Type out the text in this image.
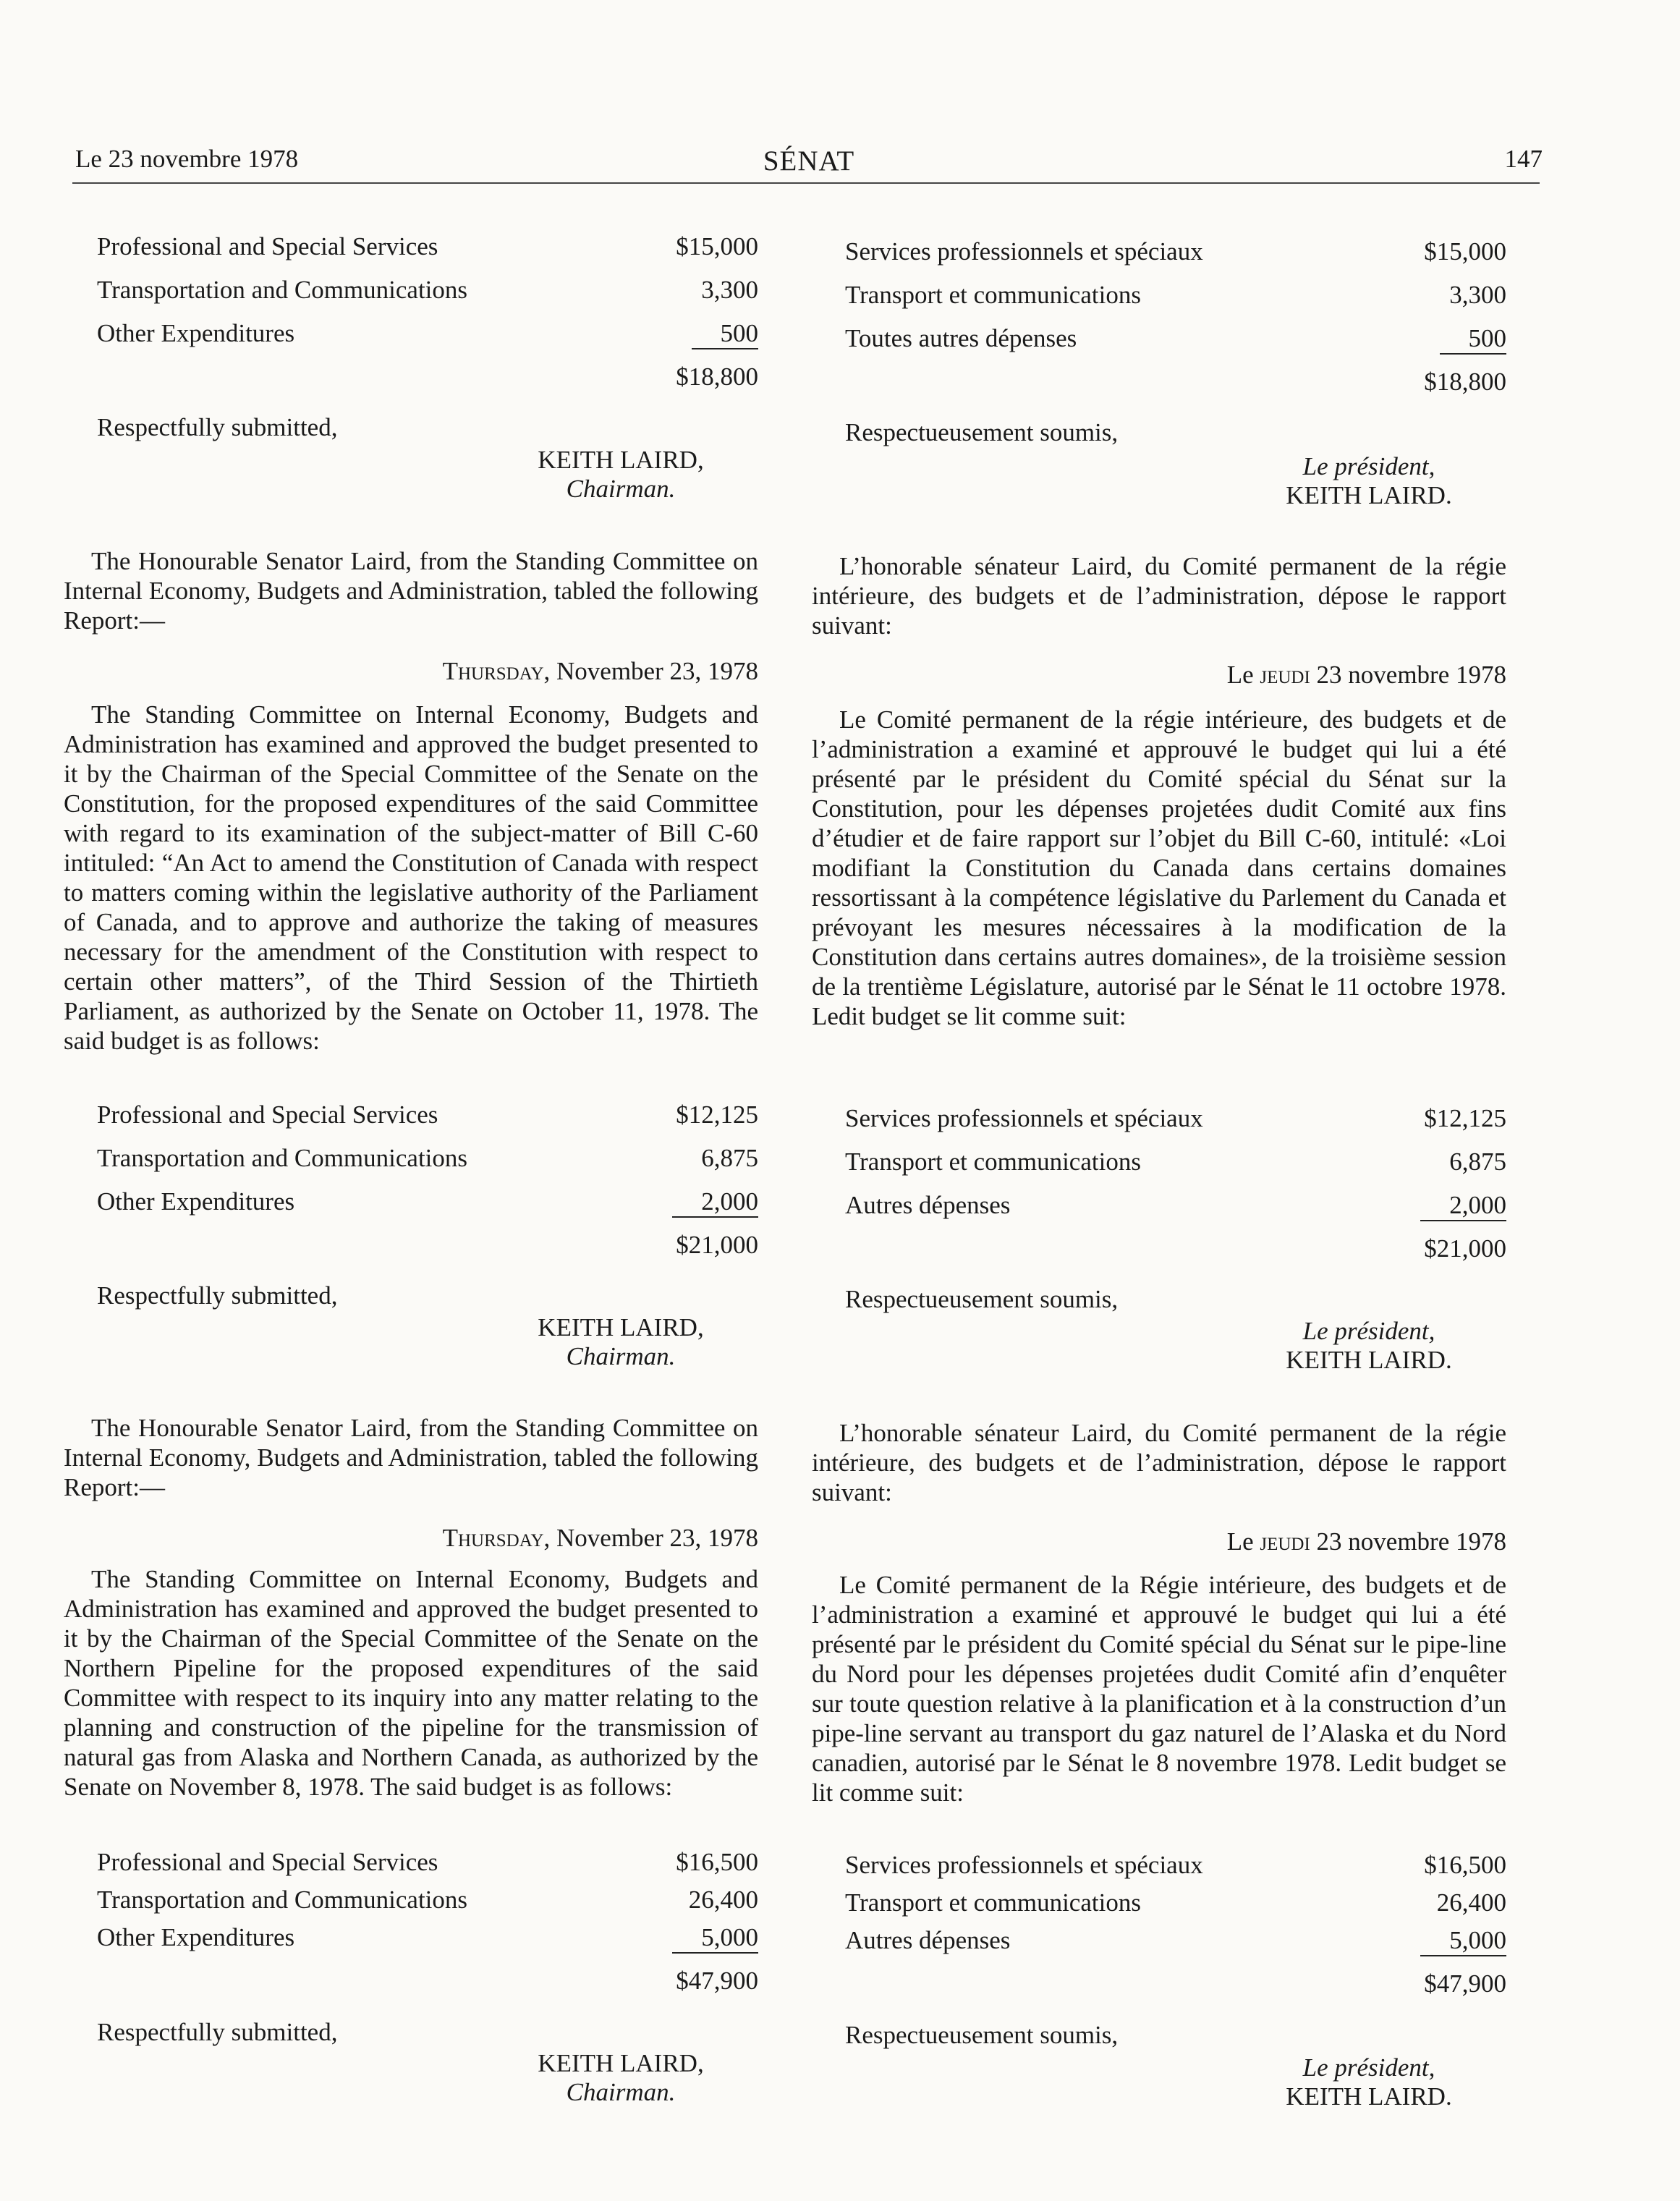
Le 23 novembre 1978	SÉNAT	147
Professional and Special Services	$15,000
Transportation and Communications	3,300
Other Expenditures	500
$18,800
Respectfully submitted,
KEITH LAIRD,
Chairman.

The Honourable Senator Laird, from the Standing Committee on Internal Economy, Budgets and Administration, tabled the following Report:—

Thursday, November 23, 1978

The Standing Committee on Internal Economy, Budgets and Administration has examined and approved the budget presented to it by the Chairman of the Special Committee of the Senate on the Constitution, for the proposed expenditures of the said Committee with regard to its examination of the subject-matter of Bill C-60 intituled: “An Act to amend the Constitution of Canada with respect to matters coming within the legislative authority of the Parliament of Canada, and to approve and authorize the taking of measures necessary for the amendment of the Constitution with respect to certain other matters”, of the Third Session of the Thirtieth Parliament, as authorized by the Senate on October 11, 1978. The said budget is as follows:

Professional and Special Services	$12,125
Transportation and Communications	6,875
Other Expenditures	2,000
$21,000
Respectfully submitted,
KEITH LAIRD,
Chairman.

The Honourable Senator Laird, from the Standing Committee on Internal Economy, Budgets and Administration, tabled the following Report:—

Thursday, November 23, 1978

The Standing Committee on Internal Economy, Budgets and Administration has examined and approved the budget presented to it by the Chairman of the Special Committee of the Senate on the Northern Pipeline for the proposed expenditures of the said Committee with respect to its inquiry into any matter relating to the planning and construction of the pipeline for the transmission of natural gas from Alaska and Northern Canada, as authorized by the Senate on November 8, 1978. The said budget is as follows:

Professional and Special Services	$16,500
Transportation and Communications	26,400
Other Expenditures	5,000
$47,900
Respectfully submitted,
KEITH LAIRD,
Chairman.
Services professionnels et spéciaux	$15,000
Transport et communications	3,300
Toutes autres dépenses	500
$18,800
Respectueusement soumis,
Le président,
KEITH LAIRD.

L’honorable sénateur Laird, du Comité permanent de la régie intérieure, des budgets et de l’administration, dépose le rapport suivant:

Le jeudi 23 novembre 1978

Le Comité permanent de la régie intérieure, des budgets et de l’administration a examiné et approuvé le budget qui lui a été présenté par le président du Comité spécial du Sénat sur la Constitution, pour les dépenses projetées dudit Comité aux fins d’étudier et de faire rapport sur l’objet du Bill C-60, intitulé: «Loi modifiant la Constitution du Canada dans certains domaines ressortissant à la compétence législative du Parlement du Canada et prévoyant les mesures nécessaires à la modification de la Constitution dans certains autres domaines», de la troisième session de la trentième Législature, autorisé par le Sénat le 11 octobre 1978. Ledit budget se lit comme suit:

Services professionnels et spéciaux	$12,125
Transport et communications	6,875
Autres dépenses	2,000
$21,000
Respectueusement soumis,
Le président,
KEITH LAIRD.

L’honorable sénateur Laird, du Comité permanent de la régie intérieure, des budgets et de l’administration, dépose le rapport suivant:

Le jeudi 23 novembre 1978

Le Comité permanent de la Régie intérieure, des budgets et de l’administration a examiné et approuvé le budget qui lui a été présenté par le président du Comité spécial du Sénat sur le pipe-line du Nord pour les dépenses projetées dudit Comité afin d’enquêter sur toute question relative à la planification et à la construction d’un pipe-line servant au transport du gaz naturel de l’Alaska et du Nord canadien, autorisé par le Sénat le 8 novembre 1978. Ledit budget se lit comme suit:

Services professionnels et spéciaux	$16,500
Transport et communications	26,400
Autres dépenses	5,000
$47,900
Respectueusement soumis,
Le président,
KEITH LAIRD.
